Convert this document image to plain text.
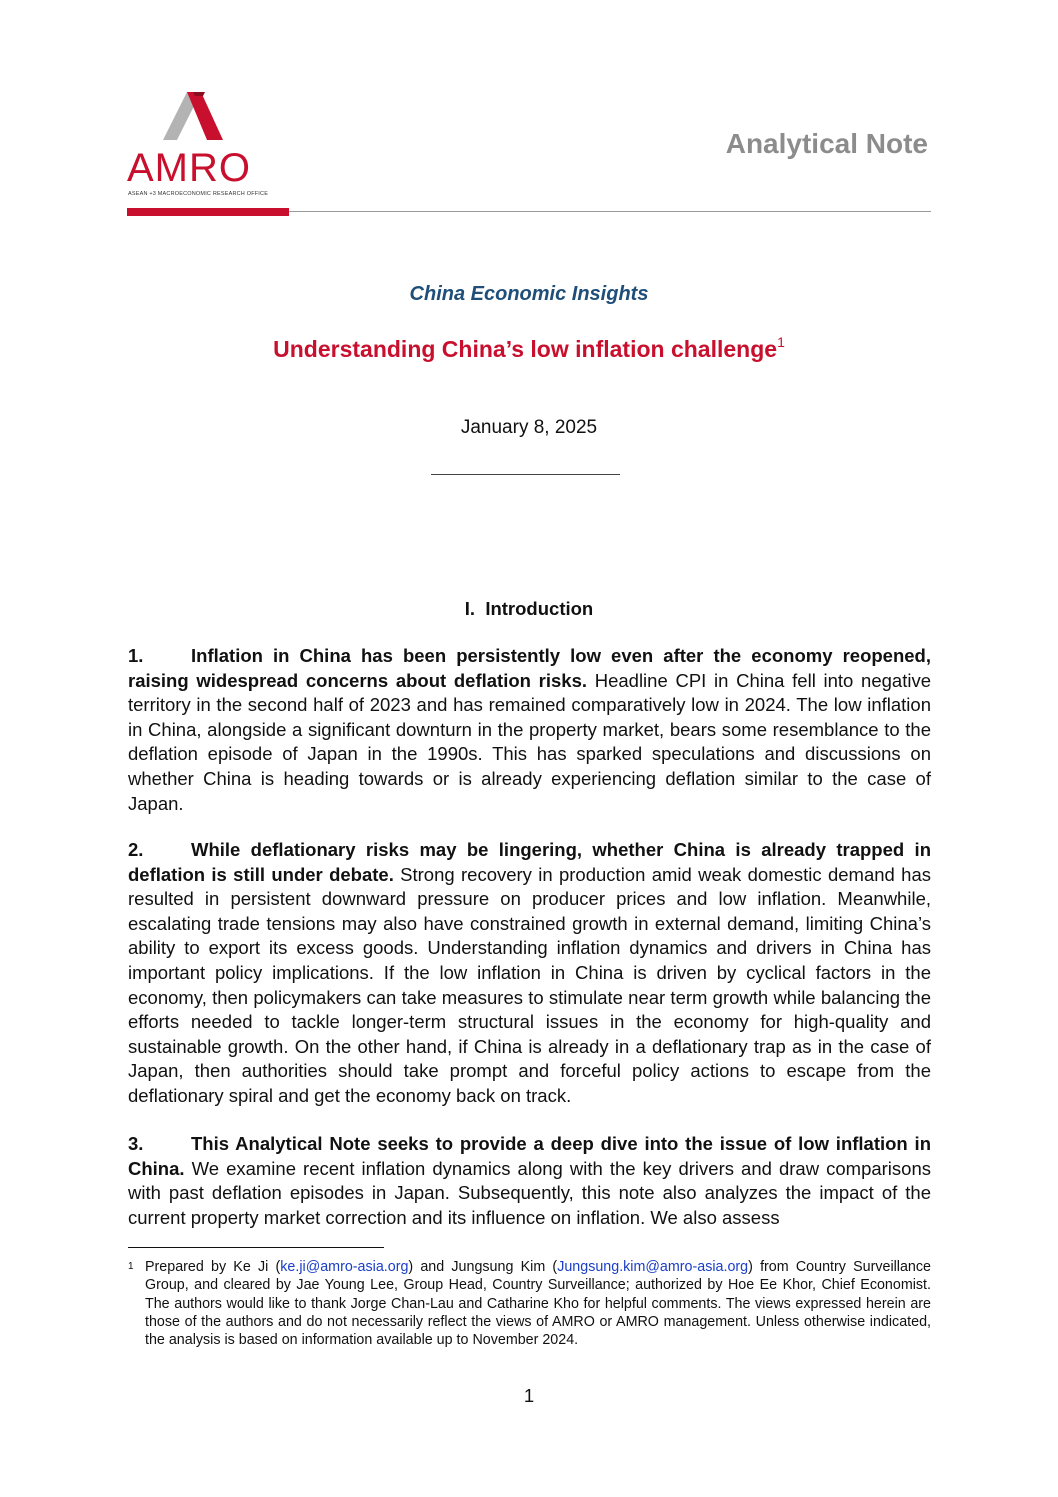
AMRO
ASEAN +3 MACROECONOMIC RESEARCH OFFICE
Analytical Note
China Economic Insights
Understanding China’s low inflation challenge$^1$
January 8, 2025
I.  Introduction
1.	Inflation in China has been persistently low even after the economy reopened, raising widespread concerns about deflation risks. Headline CPI in China fell into negative territory in the second half of 2023 and has remained comparatively low in 2024. The low inflation in China, alongside a significant downturn in the property market, bears some resemblance to the deflation episode of Japan in the 1990s. This has sparked speculations and discussions on whether China is heading towards or is already experiencing deflation similar to the case of Japan.
2.	While deflationary risks may be lingering, whether China is already trapped in deflation is still under debate. Strong recovery in production amid weak domestic demand has resulted in persistent downward pressure on producer prices and low inflation. Meanwhile, escalating trade tensions may also have constrained growth in external demand, limiting China’s ability to export its excess goods. Understanding inflation dynamics and drivers in China has important policy implications. If the low inflation in China is driven by cyclical factors in the economy, then policymakers can take measures to stimulate near term growth while balancing the efforts needed to tackle longer-term structural issues in the economy for high-quality and sustainable growth. On the other hand, if China is already in a deflationary trap as in the case of Japan, then authorities should take prompt and forceful policy actions to escape from the deflationary spiral and get the economy back on track.
3.	This Analytical Note seeks to provide a deep dive into the issue of low inflation in China. We examine recent inflation dynamics along with the key drivers and draw comparisons with past deflation episodes in Japan. Subsequently, this note also analyzes the impact of the current property market correction and its influence on inflation. We also assess
1 Prepared by Ke Ji (ke.ji@amro-asia.org) and Jungsung Kim (Jungsung.kim@amro-asia.org) from Country Surveillance Group, and cleared by Jae Young Lee, Group Head, Country Surveillance; authorized by Hoe Ee Khor, Chief Economist. The authors would like to thank Jorge Chan-Lau and Catharine Kho for helpful comments. The views expressed herein are those of the authors and do not necessarily reflect the views of AMRO or AMRO management. Unless otherwise indicated, the analysis is based on information available up to November 2024.
1
